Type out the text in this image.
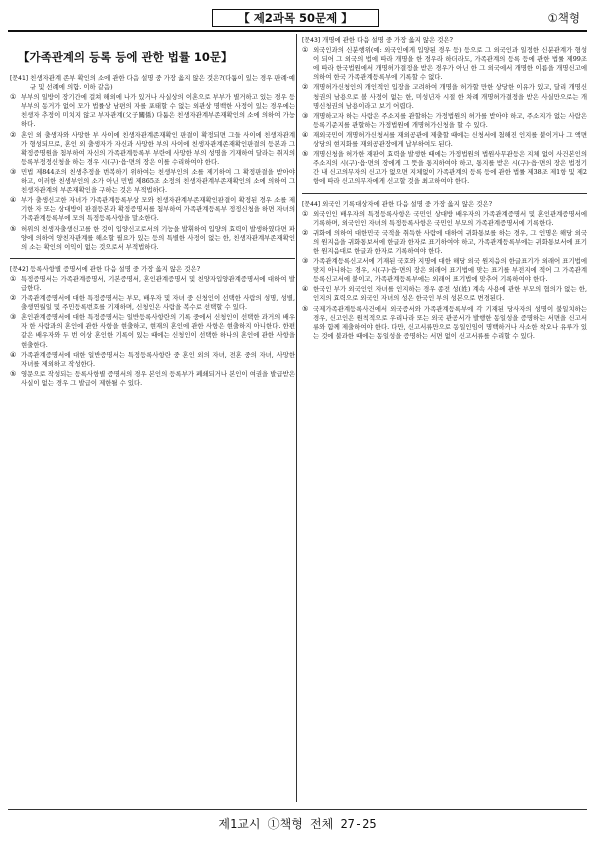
【 제2과목 50문제 】	①책형
【가족관계의 등록 등에 관한 법률 10문】
[문41] 친생자관계 존부 확인의 소에 관한 다음 설명 중 가장 옳지 않은 것은?(다툼이 있는 경우 판례·예규 및 선례에 의함. 이하 같음)
① 부부의 일방이 장기간에 걸쳐 해외에 나가 있거나 사실상의 이혼으로 부부가 별거하고 있는 경우 등 부부의 동거가 없어 모가 법률상 남편의 자를 포태할 수 없는 외관상 명백한 사정이 있는 경우에는 친생자 추정이 미치지 않고 부자관계(父子關係) 다툼은 친생자관계부존재확인의 소에 의하여 가능하다.
② 혼인 외 출생자와 사망한 부 사이에 친생자관계존재확인 판결이 확정되면 그들 사이에 친생자관계가 형성되므로, 혼인 외 출생자가 자신과 사망한 부의 사이에 친생자관계존재확인판결의 등본과 그 확정증명원을 첨부하여 자신의 가족관계등록부 부란에 사망한 부의 성명을 기재하여 달라는 취지의 등록부정정신청을 하는 경우 시(구)·읍·면의 장은 이를 수리하여야 한다.
③ 민법 제844조의 친생추정을 번복하기 위하여는 친생부인의 소를 제기하여 그 확정판결을 받아야 하고, 이러한 친생부인의 소가 아닌 민법 제865조 소정의 친생자관계부존재확인의 소에 의하여 그 친생자관계의 부존재확인을 구하는 것은 부적법하다.
④ 부가 출생신고한 자녀가 가족관계등록부상 모와 친생자관계부존재확인판결이 확정된 경우 소를 제기한 자 또는 상대방이 판결등본과 확정증명서를 첨부하여 가족관계등록부 정정신청을 하면 자녀의 가족관계등록부에 모의 특정등록사항을 말소한다.
⑤ 허위의 친생자출생신고를 한 것이 입양신고로서의 기능을 발휘하여 입양의 효력이 발생하였다면 파양에 의하여 양친자관계를 해소할 필요가 있는 등의 특별한 사정이 없는 한, 친생자관계부존재확인의 소는 확인의 이익이 없는 것으로서 부적법하다.
[문42] 등록사항별 증명서에 관한 다음 설명 중 가장 옳지 않은 것은?
① 특정증명서는 가족관계증명서, 기본증명서, 혼인관계증명서 및 친양자입양관계증명서에 대하여 발급한다.
② 가족관계증명서에 대한 특정증명서는 부모, 배우자 및 자녀 중 신청인이 선택한 사람의 성명, 성별, 출생연월일 및 주민등록번호를 기재하며, 신청인은 사람을 복수로 선택할 수 있다.
③ 혼인관계증명서에 대한 특정증명서는 일반등록사항란의 기록 중에서 신청인이 선택한 과거의 배우자 한 사람과의 혼인에 관한 사항을 현출하고, 현재의 혼인에 관한 사항은 현출하지 아니한다. 한편 같은 배우자와 두 번 이상 혼인한 기록이 있는 때에는 신청인이 선택한 하나의 혼인에 관한 사항을 현출한다.
④ 가족관계증명서에 대한 일반증명서는 특정등록사항란 중 혼인 외의 자녀, 전혼 중의 자녀, 사망한 자녀를 제외하고 작성한다.
⑤ 영문으로 작성되는 등록사항별 증명서의 경우 본인의 등록부가 폐쇄되거나 본인이 여권을 발급받은 사실이 없는 경우 그 발급이 제한될 수 있다.
[문43] 개명에 관한 다음 설명 중 가장 옳지 않은 것은?
① 외국인과의 신분행위(예: 외국인에게 입양된 경우 등) 등으로 그 외국인과 일정한 신분관계가 형성이 되어 그 외국의 법에 따라 개명을 한 경우라 하더라도, 가족관계의 등록 등에 관한 법률 제99조에 따라 한국법원에서 개명허가결정을 받은 경우가 아닌 한 그 외국에서 개명한 이름을 개명신고에 의하여 한국 가족관계등록부에 기록할 수 없다.
② 개명허가신청인의 개인적인 입장을 고려하여 개명을 허가할 만한 상당한 이유가 있고, 달리 개명신청권의 남용으로 볼 사정이 없는 한, 미성년자 시절 한 차례 개명허가결정을 받은 사실만으로는 개명신청권의 남용이라고 보기 어렵다.
③ 개명하고자 하는 사람은 주소지를 관할하는 가정법원의 허가를 받아야 하고, 주소지가 없는 사람은 등록기준지를 관할하는 가정법원에 개명허가신청을 할 수 있다.
④ 재외국민이 개명허가신청서를 재외공관에 제출할 때에는 신청서에 첨해진 인지를 붙이거나 그 액면상당의 현지화를 재외공관장에게 납부하여도 된다.
⑤ 개명신청을 허가한 재판이 효력을 발생한 때에는 가정법원의 법원사무관등은 지체 없이 사건본인의 주소지의 시(구)·읍·면의 장에게 그 뜻을 통지하여야 하고, 통지를 받은 시(구)·읍·면의 장은 법정기간 내 신고의무자의 신고가 없으면 지체없이 가족관계의 등록 등에 관한 법률 제38조 제1항 및 제2항에 따라 신고의무자에게 신고할 것을 최고하여야 한다.
[문44] 외국인 기록대상자에 관한 다음 설명 중 가장 옳지 않은 것은?
① 외국인인 배우자의 특정등록사항은 국민인 상대방 배우자의 가족관계증명서 및 혼인관계증명서에 기록하며, 외국인인 자녀의 특정등록사항은 국민인 부모의 가족관계증명서에 기록한다.
② 귀화에 의하여 대한민국 국적을 취득한 사람에 대하여 귀화통보를 하는 경우, 그 인명은 해당 외국의 원지음을 귀화통보서에 한글과 한자로 표기하여야 하고, 가족관계등록부에는 귀화통보서에 표기한 원지음대로 한글과 한자로 기록하여야 한다.
③ 가족관계등록신고서에 기재된 국호와 지명에 대한 해당 외국 원지음의 한글표기가 외래어 표기법에 맞지 아니하는 경우, 시(구)·읍·면의 장은 외래어 표기법에 맞는 표기를 부전지에 적어 그 가족관계등록신고서에 붙이고, 가족관계등록부에는 외래어 표기법에 맞추어 기록하여야 한다.
④ 한국인 부가 외국인인 자녀를 인지하는 경우 종전 성(姓) 계속 사용에 관한 부모의 협의가 없는 한, 인지의 효력으로 외국인 자녀의 성은 한국인 부의 성본으로 변경된다.
⑤ 국제가족관계등록사건에서 외국증서와 가족관계등록부에 각 기재된 당사자의 성명이 불일치하는 경우, 신고인은 원칙적으로 우리나라 또는 외국 관공서가 발행한 동일성을 증명하는 서면을 신고서류와 함께 제출하여야 한다. 다만, 신고서류만으로 동일인임이 명백하거나 사소한 착오나 유루가 있는 것에 불과한 때에는 동일성을 증명하는 서면 없이 신고서류를 수리할 수 있다.
제1교시 ①책형 전체 27-25
